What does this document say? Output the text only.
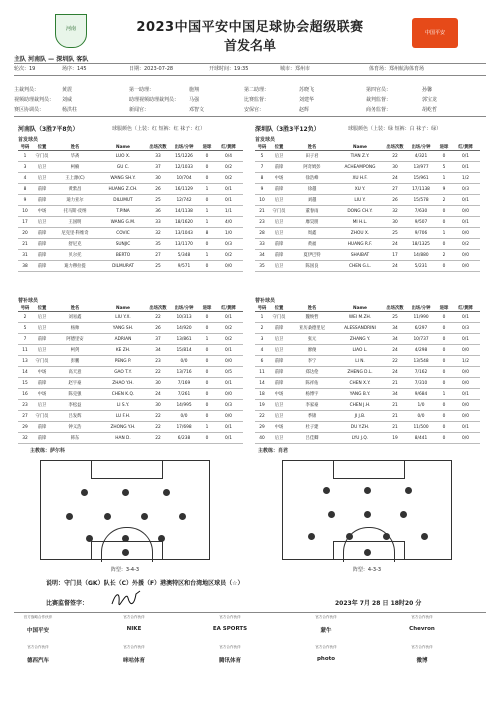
河南	2023中国平安中国足球协会超级联赛
首发名单
中国平安
主队 河南队 — 深圳队 客队
轮次：19	场序：145	日期：2023-07-28	开球时间：19:35	城市：郑州市	体育场：郑州航海体育场
主裁判员：	黄震	第一助理：	施翔	第二助理：	苏晓飞	第四官员：	孙馨
视频助理裁判员： 刘威	助理视频助理裁判员： 马强	比赛监督：	刘建华	裁判监督：	郭宝龙
赛区协调员：	杨洪柱	新闻官：	邓智文	安保官：	赵辉	商务监督：	胡屹哲
河南队（3胜7平8负）	球服颜色（上装：红 短裤：红 袜子：红）
首发球员
号码	位置	姓名	Name	出场次数	出场/分钟	进球	红/黄牌
1	守门员	毕斋	LUO X.	33	15/1226	0	0/4
3	后卫	柯楠	GU C.	37	12/1033	0	0/2
4	后卫	王上源(C)	WANG SH.Y.	30	10/704	0	0/2
8	前锋	黄紫昌	HUANG Z.CH.	26	16/1129	1	0/1
9	前锋	迪力亚尔	DILUMUT	25	12/742	0	0/1
10	中场	托马斯·皮纳	T.PINA	36	14/1138	1	1/1
17	后卫	王国明	WANG G.M.	33	18/1620	1	4/0
20	前锋	尼克里·科维奇	COVIC	32	13/1043	8	1/0
21	前锋	舒尼克	SUNJIC	35	13/1170	0	0/3
31	前锋	贝尔托	BERTO	27	5/348	1	0/2
38	前锋	迪力穆拉提	DILMURAT	25	9/571	0	0/0
替补球员
号码	位置	姓名	Name	出场次数	出场/分钟	进球	红/黄牌
2	后卫	刘易鑫	LIU Y.X.	22	10/313	0	0/1
5	后卫	杨帅	YANG SH.	26	14/920	0	0/2
7	前锋	阿德里安	ADRIAN	37	13/861	1	0/2
11	后卫	柯剑	KE ZH.	34	15/814	0	0/1
13	守门员	彭鹏	PENG P.	23	0/0	0	0/0
14	中场	高天意	GAO T.Y.	22	13/716	0	0/5
15	前锋	赵宇豪	ZHAO Y.H.	30	7/169	0	0/1
16	中场	陈克强	CHEN K.Q.	24	7/261	0	0/0
23	后卫	李松益	LI S.Y.	30	14/995	0	0/3
27	守门员	吕发辉	LU F.H.	22	0/0	0	0/0
29	前锋	钟义浩	ZHONG Y.H.	22	17/698	1	0/1
32	前锋	韩东	HAN D.	22	6/238	0	0/1
深圳队（3胜3平12负）	球服颜色（上装：绿 短裤：白 袜子：绿）
首发球员
号码	位置	姓名	Name	出场次数	出场/分钟	进球	红/黄牌
5	后卫	田子君	TIAN Z.Y.	22	4/321	0	0/1
7	前锋	阿奇姆彭	ACHEAMPONG	30	13/977	5	0/1
8	中场	徐浩峰	XU H.F.	24	15/961	1	1/2
9	前锋	徐越	XU Y.	27	17/1138	9	0/3
10	后卫	刘越	LIU Y.	26	15/578	2	0/1
21	守门员	董春雨	DONG CH.Y.	32	7/630	0	0/0
23	后卫	靡昊朋	MI H.L.	30	9/507	0	0/1
28	后卫	周鑫	ZHOU X.	25	9/706	1	0/0
33	前锋	黄福	HUANG R.F.	24	18/1325	0	0/2
34	前锋	夏伊巴特	SHAIBAT	17	14/880	2	0/0
35	后卫	陈国良	CHEN G.L.	24	5/231	0	0/0
替补球员
号码	位置	姓名	Name	出场次数	出场/分钟	进球	红/黄牌
1	守门员	魏焕哲	WEI M.ZH.	25	11/990	0	0/1
2	前锋	亚历桑德里尼	ALESSANDRINI	34	6/297	0	0/3
3	后卫	张元	ZHANG Y.	34	10/737	0	0/1
4	后卫	廖俊	LIAO L.	24	4/298	0	0/0
6	前锋	李宁	LI N.	22	13/548	0	1/2
11	前锋	郑达伦	ZHENG D.L.	24	7/162	0	0/0
14	前锋	陈祥佑	CHEN X.Y.	21	7/310	0	0/0
18	中场	杨博宇	YANG B.Y.	34	9/684	1	0/1
19	后卫	李家豪	CHEN J.H.	21	1/0	0	0/0
22	后卫	季锦	JI J.B.	21	0/0	0	0/0
29	中场	杜子建	DU Y.ZH.	21	11/500	0	0/1
40	后卫	吕佳卿	LYU J.Q.	19	8/441	0	0/0
主教练：萨尔科	主教练：肖君
阵型：3-4-3	阵型：4-3-3
说明：守门员（GK）队长（C）外援（F）港澳特区和台湾地区球员（☆）
比赛监督签字：	2023年 7月 28 日 18时20 分
官方战略合作伙伴
中国平安
官方合作伙伴
NIKE
官方合作伙伴
EA SPORTS
官方合作伙伴
蒙牛
官方合作伙伴
Chevron
官方合作伙伴
德西汽车
官方合作伙伴
咪咕体育
官方合作伙伴
腾讯体育
官方合作伙伴
photo
官方合作伙伴
微博
